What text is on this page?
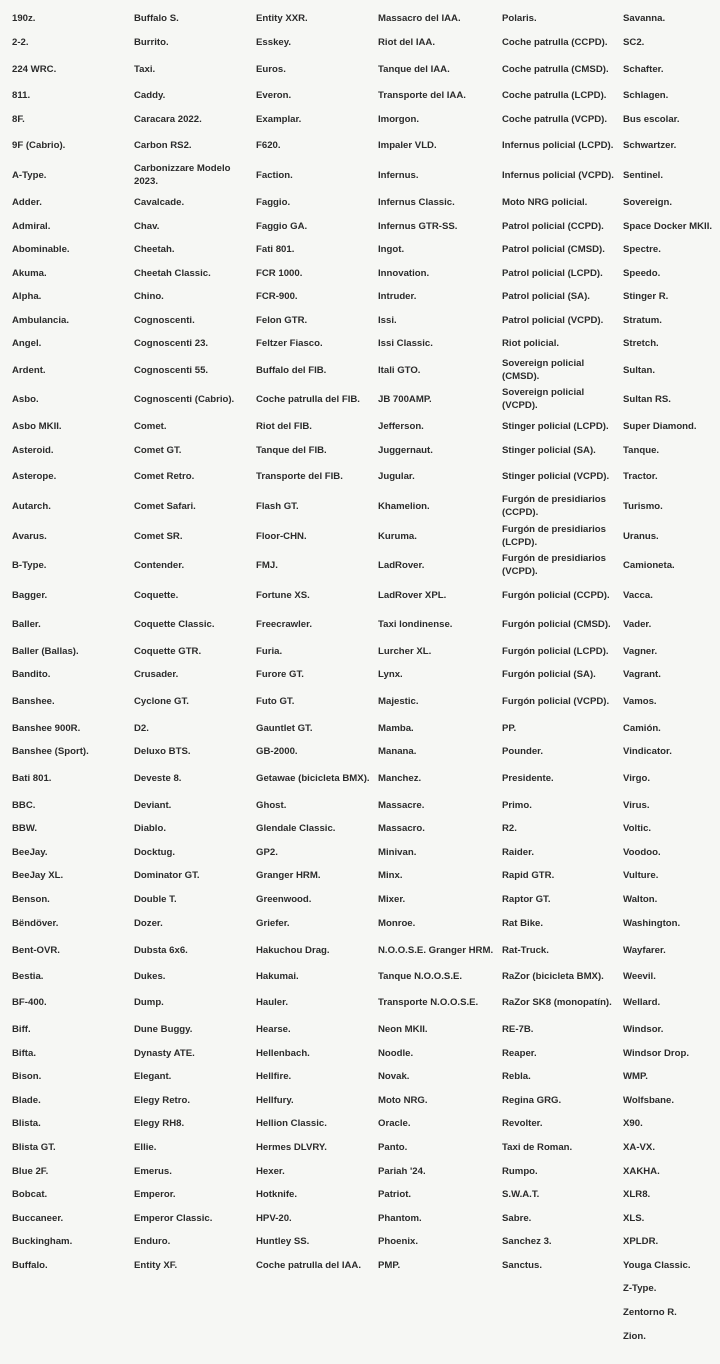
190z.
2-2.
224 WRC.
811.
8F.
9F (Cabrio).
A-Type.
Adder.
Admiral.
Abominable.
Akuma.
Alpha.
Ambulancia.
Angel.
Ardent.
Asbo.
Asbo MKII.
Asteroid.
Asterope.
Autarch.
Avarus.
B-Type.
Bagger.
Baller.
Baller (Ballas).
Bandito.
Banshee.
Banshee 900R.
Banshee (Sport).
Bati 801.
BBC.
BBW.
BeeJay.
BeeJay XL.
Benson.
Bëndöver.
Bent-OVR.
Bestia.
BF-400.
Biff.
Bifta.
Bison.
Blade.
Blista.
Blista GT.
Blue 2F.
Bobcat.
Buccaneer.
Buckingham.
Buffalo.
Buffalo S.
Burrito.
Taxi.
Caddy.
Caracara 2022.
Carbon RS2.
Carbonizzare Modelo 2023.
Cavalcade.
Chav.
Cheetah.
Cheetah Classic.
Chino.
Cognoscenti.
Cognoscenti 23.
Cognoscenti 55.
Cognoscenti (Cabrio).
Comet.
Comet GT.
Comet Retro.
Comet Safari.
Comet SR.
Contender.
Coquette.
Coquette Classic.
Coquette GTR.
Crusader.
Cyclone GT.
D2.
Deluxo BTS.
Deveste 8.
Deviant.
Diablo.
Docktug.
Dominator GT.
Double T.
Dozer.
Dubsta 6x6.
Dukes.
Dump.
Dune Buggy.
Dynasty ATE.
Elegant.
Elegy Retro.
Elegy RH8.
Ellie.
Emerus.
Emperor.
Emperor Classic.
Enduro.
Entity XF.
Entity XXR.
Esskey.
Euros.
Everon.
Examplar.
F620.
Faction.
Faggio.
Faggio GA.
Fati 801.
FCR 1000.
FCR-900.
Felon GTR.
Feltzer Fiasco.
Buffalo del FIB.
Coche patrulla del FIB.
Riot del FIB.
Tanque del FIB.
Transporte del FIB.
Flash GT.
Floor-CHN.
FMJ.
Fortune XS.
Freecrawler.
Furia.
Furore GT.
Futo GT.
Gauntlet GT.
GB-2000.
Getawae (bicicleta BMX).
Ghost.
Glendale Classic.
GP2.
Granger HRM.
Greenwood.
Griefer.
Hakuchou Drag.
Hakumai.
Hauler.
Hearse.
Hellenbach.
Hellfire.
Hellfury.
Hellion Classic.
Hermes DLVRY.
Hexer.
Hotknife.
HPV-20.
Huntley SS.
Coche patrulla del IAA.
Massacro del IAA.
Riot del IAA.
Tanque del IAA.
Transporte del IAA.
Imorgon.
Impaler VLD.
Infernus.
Infernus Classic.
Infernus GTR-SS.
Ingot.
Innovation.
Intruder.
Issi.
Issi Classic.
Itali GTO.
JB 700AMP.
Jefferson.
Juggernaut.
Jugular.
Khamelion.
Kuruma.
LadRover.
LadRover XPL.
Taxi londinense.
Lurcher XL.
Lynx.
Majestic.
Mamba.
Manana.
Manchez.
Massacre.
Massacro.
Minivan.
Minx.
Mixer.
Monroe.
N.O.O.S.E. Granger HRM.
Tanque N.O.O.S.E.
Transporte N.O.O.S.E.
Neon MKII.
Noodle.
Novak.
Moto NRG.
Oracle.
Panto.
Pariah '24.
Patriot.
Phantom.
Phoenix.
PMP.
Polaris.
Coche patrulla (CCPD).
Coche patrulla (CMSD).
Coche patrulla (LCPD).
Coche patrulla (VCPD).
Infernus policial (LCPD).
Infernus policial (VCPD).
Moto NRG policial.
Patrol policial (CCPD).
Patrol policial (CMSD).
Patrol policial (LCPD).
Patrol policial (SA).
Patrol policial (VCPD).
Riot policial.
Sovereign policial (CMSD).
Sovereign policial (VCPD).
Stinger policial (LCPD).
Stinger policial (SA).
Stinger policial (VCPD).
Furgón de presidiarios (CCPD).
Furgón de presidiarios (LCPD).
Furgón de presidiarios (VCPD).
Furgón policial (CCPD).
Furgón policial (CMSD).
Furgón policial (LCPD).
Furgón policial (SA).
Furgón policial (VCPD).
PP.
Pounder.
Presidente.
Primo.
R2.
Raider.
Rapid GTR.
Raptor GT.
Rat Bike.
Rat-Truck.
RaZor (bicicleta BMX).
RaZor SK8 (monopatín).
RE-7B.
Reaper.
Rebla.
Regina GRG.
Revolter.
Taxi de Roman.
Rumpo.
S.W.A.T.
Sabre.
Sanchez 3.
Sanctus.
Savanna.
SC2.
Schafter.
Schlagen.
Bus escolar.
Schwartzer.
Sentinel.
Sovereign.
Space Docker MKII.
Spectre.
Speedo.
Stinger R.
Stratum.
Stretch.
Sultan.
Sultan RS.
Super Diamond.
Tanque.
Tractor.
Turismo.
Uranus.
Camioneta.
Vacca.
Vader.
Vagner.
Vagrant.
Vamos.
Camión.
Vindicator.
Virgo.
Virus.
Voltic.
Voodoo.
Vulture.
Walton.
Washington.
Wayfarer.
Weevil.
Wellard.
Windsor.
Windsor Drop.
WMP.
Wolfsbane.
X90.
XA-VX.
XAKHA.
XLR8.
XLS.
XPLDR.
Youga Classic.
Z-Type.
Zentorno R.
Zion.
